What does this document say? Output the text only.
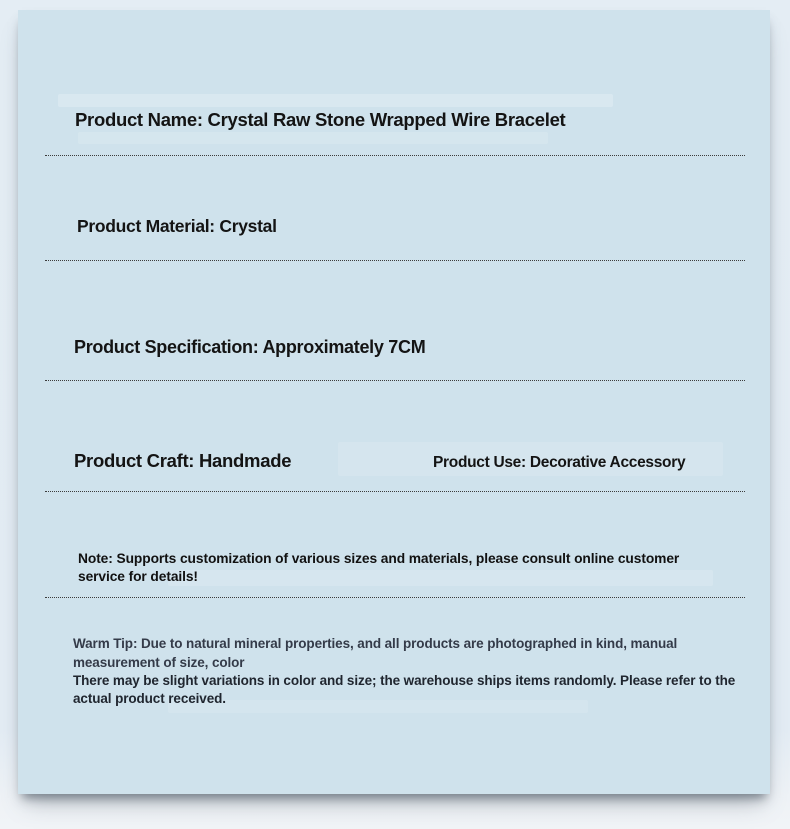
Product Name: Crystal Raw Stone Wrapped Wire Bracelet
Product Material: Crystal
Product Specification: Approximately 7CM
Product Craft: Handmade	Product Use: Decorative Accessory
Note: Supports customization of various sizes and materials, please consult online customer
service for details!
Warm Tip: Due to natural mineral properties, and all products are photographed in kind, manual
measurement of size, color
There may be slight variations in color and size; the warehouse ships items randomly. Please refer to the
actual product received.
